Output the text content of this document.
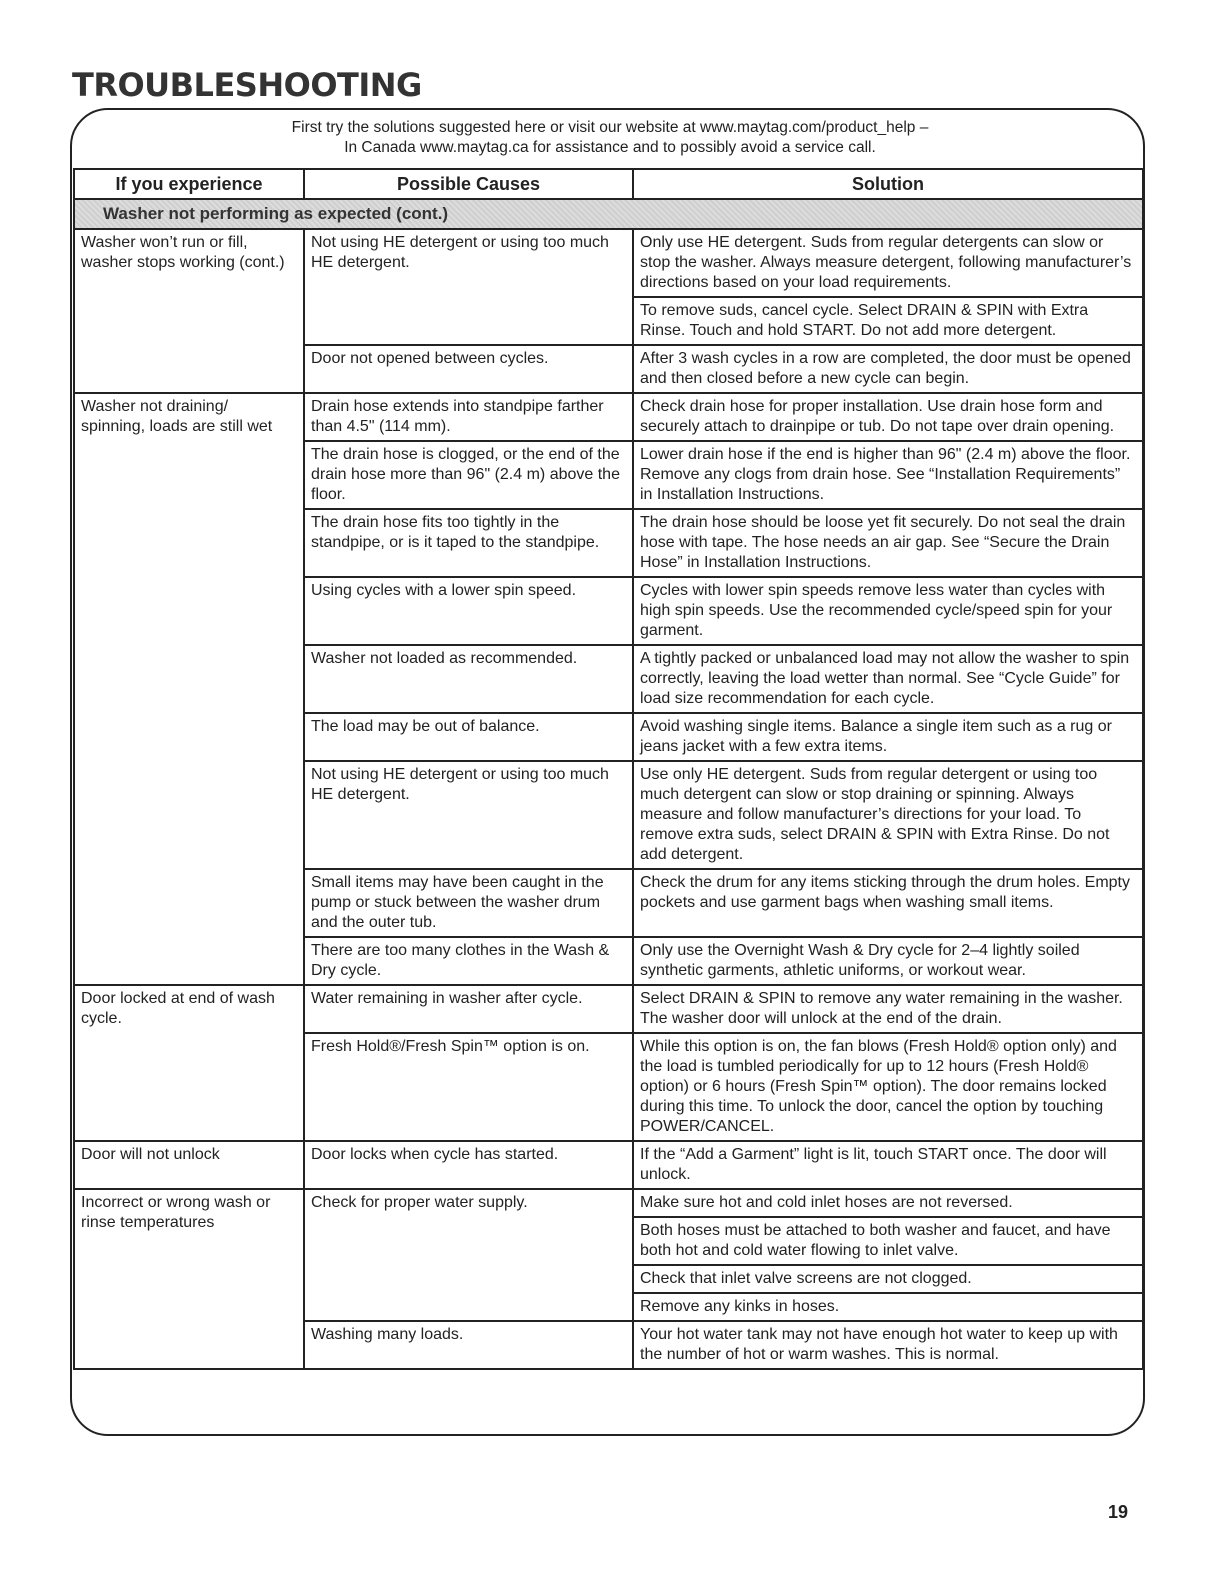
TROUBLESHOOTING
First try the solutions suggested here or visit our website at www.maytag.com/product_help –
In Canada www.maytag.ca for assistance and to possibly avoid a service call.
If you experience	Possible Causes	Solution
Washer not performing as expected (cont.)		
Washer won’t run or fill, washer stops working (cont.)	Not using HE detergent or using too much HE detergent.	Only use HE detergent. Suds from regular detergents can slow or stop the washer. Always measure detergent, following manufacturer’s directions based on your load requirements.
		To remove suds, cancel cycle. Select DRAIN & SPIN with Extra Rinse. Touch and hold START. Do not add more detergent.
	Door not opened between cycles.	After 3 wash cycles in a row are completed, the door must be opened and then closed before a new cycle can begin.
Washer not draining/ spinning, loads are still wet	Drain hose extends into standpipe farther than 4.5" (114 mm).	Check drain hose for proper installation. Use drain hose form and securely attach to drainpipe or tub. Do not tape over drain opening.
	The drain hose is clogged, or the end of the drain hose more than 96" (2.4 m) above the floor.	Lower drain hose if the end is higher than 96" (2.4 m) above the floor. Remove any clogs from drain hose. See “Installation Requirements” in Installation Instructions.
	The drain hose fits too tightly in the standpipe, or is it taped to the standpipe.	The drain hose should be loose yet fit securely. Do not seal the drain hose with tape. The hose needs an air gap. See “Secure the Drain Hose” in Installation Instructions.
	Using cycles with a lower spin speed.	Cycles with lower spin speeds remove less water than cycles with high spin speeds. Use the recommended cycle/speed spin for your garment.
	Washer not loaded as recommended.	A tightly packed or unbalanced load may not allow the washer to spin correctly, leaving the load wetter than normal. See “Cycle Guide” for load size recommendation for each cycle.
	The load may be out of balance.	Avoid washing single items. Balance a single item such as a rug or jeans jacket with a few extra items.
	Not using HE detergent or using too much HE detergent.	Use only HE detergent. Suds from regular detergent or using too much detergent can slow or stop draining or spinning. Always measure and follow manufacturer’s directions for your load. To remove extra suds, select DRAIN & SPIN with Extra Rinse. Do not add detergent.
	Small items may have been caught in the pump or stuck between the washer drum and the outer tub.	Check the drum for any items sticking through the drum holes. Empty pockets and use garment bags when washing small items.
	There are too many clothes in the Wash & Dry cycle.	Only use the Overnight Wash & Dry cycle for 2–4 lightly soiled synthetic garments, athletic uniforms, or workout wear.
Door locked at end of wash cycle.	Water remaining in washer after cycle.	Select DRAIN & SPIN to remove any water remaining in the washer. The washer door will unlock at the end of the drain.
	Fresh Hold®/Fresh Spin™ option is on.	While this option is on, the fan blows (Fresh Hold® option only) and the load is tumbled periodically for up to 12 hours (Fresh Hold® option) or 6 hours (Fresh Spin™ option). The door remains locked during this time. To unlock the door, cancel the option by touching POWER/CANCEL.
Door will not unlock	Door locks when cycle has started.	If the “Add a Garment” light is lit, touch START once. The door will unlock.
Incorrect or wrong wash or rinse temperatures	Check for proper water supply.	Make sure hot and cold inlet hoses are not reversed.
		Both hoses must be attached to both washer and faucet, and have both hot and cold water flowing to inlet valve.
		Check that inlet valve screens are not clogged.
		Remove any kinks in hoses.
	Washing many loads.	Your hot water tank may not have enough hot water to keep up with the number of hot or warm washes. This is normal.
19
